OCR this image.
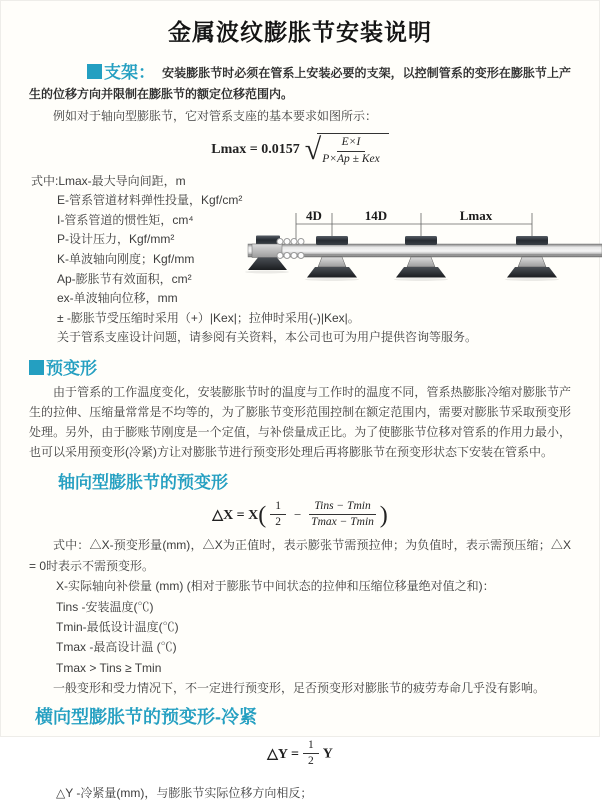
金属波纹膨胀节安装说明

支架： 安装膨胀节时必须在管系上安装必要的支架，以控制管系的变形在膨胀节上产生的位移方向并限制在膨胀节的额定位移范围内。

例如对于轴向型膨胀节，它对管系支座的基本要求如图所示：

Lmax = 0.0157 √ $\frac{E\times I}{\text{P×Ap ± Kex}}$
式中:Lmax-最大导向间距，m
E-管系管道材料弹性投量，Kgf/cm²
I-管系管道的惯性矩，cm⁴
P-设计压力，Kgf/mm²
K-单波轴向刚度；Kgf/mm
Ap-膨胀节有效面积，cm²
ex-单波轴向位移，mm
± -膨胀节受压缩时采用（+）|Kex|；拉伸时采用(-)|Kex|。
关于管系支座设计问题，请参阅有关资料，本公司也可为用户提供咨询等服务。
4D	14D	Lmax

预变形

由于管系的工作温度变化，安装膨胀节时的温度与工作时的温度不同，管系热膨胀冷缩对膨胀节产生的拉伸、压缩量常常是不均等的，为了膨胀节变形范围控制在额定范围内，需要对膨胀节采取预变形处理。另外，由于膨账节刚度是一个定值，与补偿量成正比。为了使膨胀节位移对管系的作用力最小，也可以采用预变形(冷紧)方让对膨胀节进行预变形处理后再将膨胀节在预变形状态下安装在管系中。

轴向型膨胀节的预变形
△X = $X( \frac{1}{2} - \frac{\text{Tins − Tmin}}{Tmax - Tmin}$ )

式中：△X-预变形量(mm)，△X为正值时，表示膨张节需预拉伸；为负值时，表示需预压缩；△X = 0时表示不需预变形。

X-实际轴向补偿量 (mm) (相对于膨胀节中间状态的拉伸和压缩位移量绝对值之和)：
Tins -安装温度(℃)
Tmin-最低设计温度(℃)
Tmax -最高设计温 (℃)
Tmax > Tins ≥ Tmin
一般变形和受力情况下，不一定进行预变形，足否预变形对膨胀节的疲劳寿命几乎没有影响。
横向型膨胀节的预变形-冷紧
△Y = $\frac{1}{2}$ Y
△Y -冷紧量(mm)，与膨胀节实际位移方向相反；
